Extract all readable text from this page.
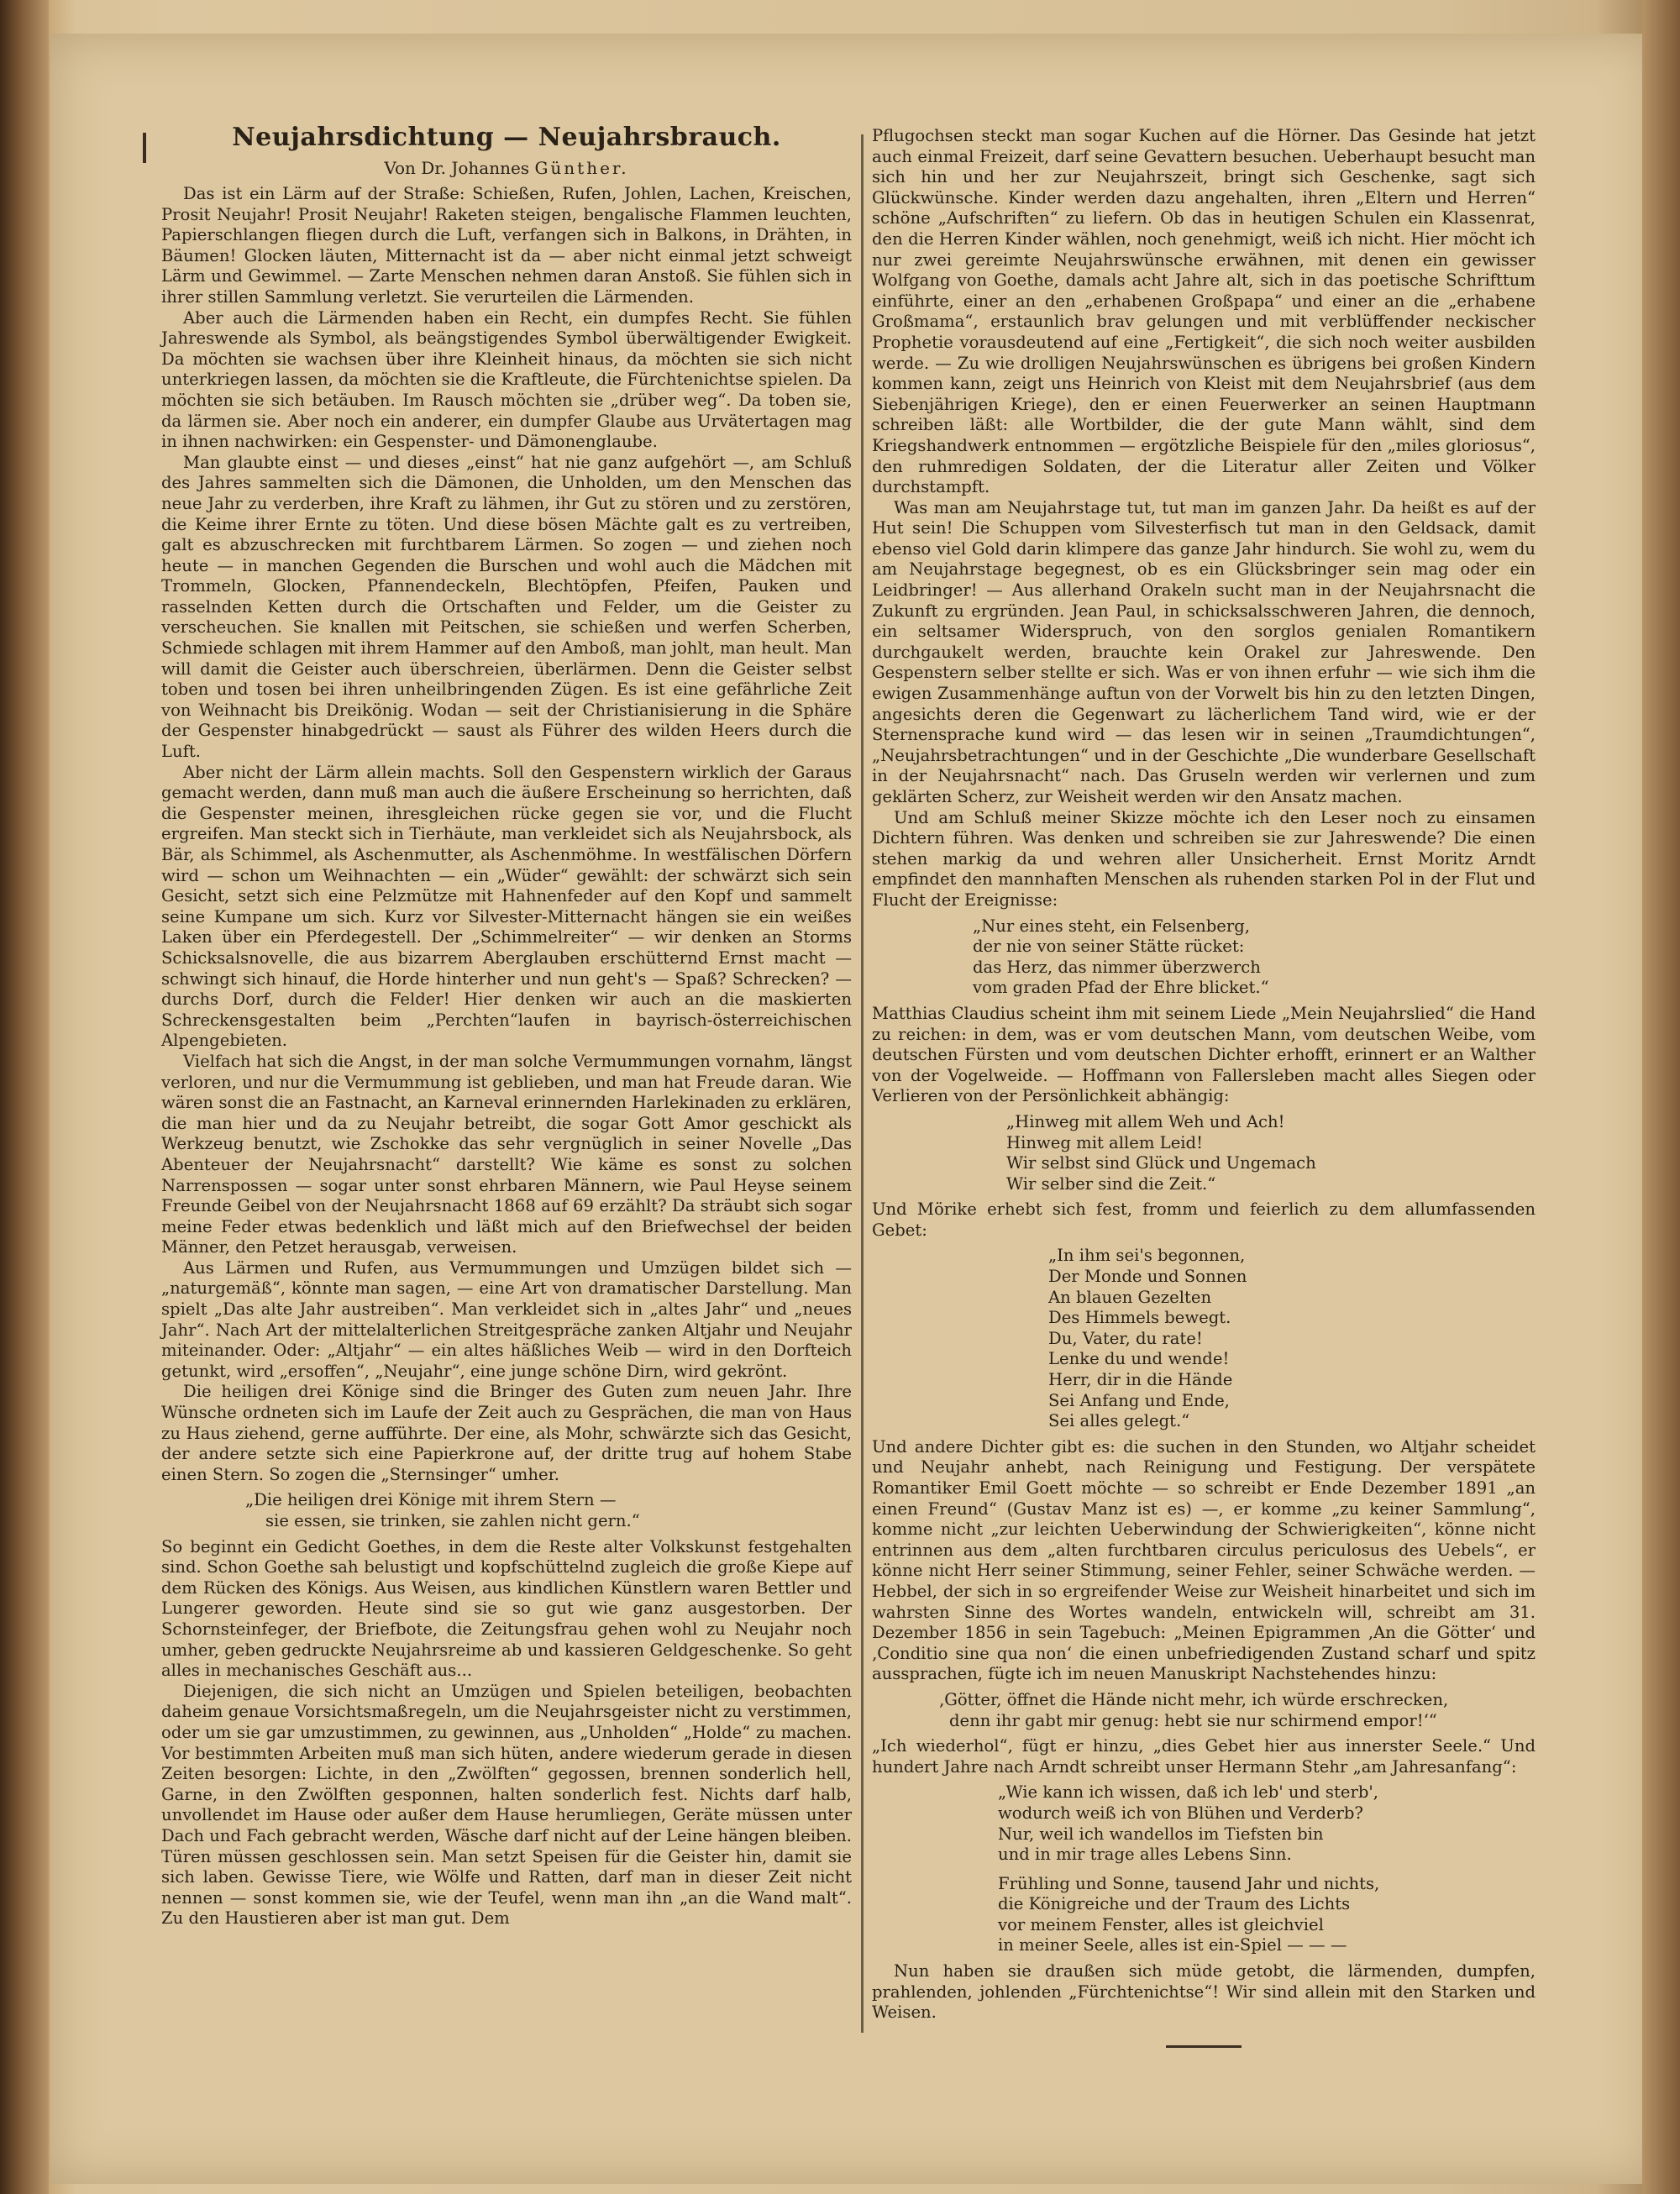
Neujahrsdichtung — Neujahrsbrauch.
Von Dr. Johannes Günther.

Das ist ein Lärm auf der Straße: Schießen, Rufen, Johlen, Lachen, Kreischen, Prosit Neujahr! Prosit Neujahr! Raketen steigen, bengalische Flammen leuchten, Papierschlangen fliegen durch die Luft, verfangen sich in Balkons, in Drähten, in Bäumen! Glocken läuten, Mitternacht ist da — aber nicht einmal jetzt schweigt Lärm und Gewimmel. — Zarte Menschen nehmen daran Anstoß. Sie fühlen sich in ihrer stillen Sammlung verletzt. Sie verurteilen die Lärmenden.

Aber auch die Lärmenden haben ein Recht, ein dumpfes Recht. Sie fühlen Jahreswende als Symbol, als beängstigendes Symbol überwältigender Ewigkeit. Da möchten sie wachsen über ihre Kleinheit hinaus, da möchten sie sich nicht unterkriegen lassen, da möchten sie die Kraftleute, die Fürchtenichtse spielen. Da möchten sie sich betäuben. Im Rausch möchten sie „drüber weg“. Da toben sie, da lärmen sie. Aber noch ein anderer, ein dumpfer Glaube aus Urvätertagen mag in ihnen nachwirken: ein Gespenster- und Dämonenglaube.

Man glaubte einst — und dieses „einst“ hat nie ganz aufgehört —, am Schluß des Jahres sammelten sich die Dämonen, die Unholden, um den Menschen das neue Jahr zu verderben, ihre Kraft zu lähmen, ihr Gut zu stören und zu zerstören, die Keime ihrer Ernte zu töten. Und diese bösen Mächte galt es zu vertreiben, galt es abzuschrecken mit furchtbarem Lärmen. So zogen — und ziehen noch heute — in manchen Gegenden die Burschen und wohl auch die Mädchen mit Trommeln, Glocken, Pfannendeckeln, Blechtöpfen, Pfeifen, Pauken und rasselnden Ketten durch die Ortschaften und Felder, um die Geister zu verscheuchen. Sie knallen mit Peitschen, sie schießen und werfen Scherben, Schmiede schlagen mit ihrem Hammer auf den Amboß, man johlt, man heult. Man will damit die Geister auch überschreien, überlärmen. Denn die Geister selbst toben und tosen bei ihren unheilbringenden Zügen. Es ist eine gefährliche Zeit von Weihnacht bis Dreikönig. Wodan — seit der Christianisierung in die Sphäre der Gespenster hinabgedrückt — saust als Führer des wilden Heers durch die Luft.

Aber nicht der Lärm allein machts. Soll den Gespenstern wirklich der Garaus gemacht werden, dann muß man auch die äußere Erscheinung so herrichten, daß die Gespenster meinen, ihresgleichen rücke gegen sie vor, und die Flucht ergreifen. Man steckt sich in Tierhäute, man verkleidet sich als Neujahrsbock, als Bär, als Schimmel, als Aschenmutter, als Aschenmöhme. In westfälischen Dörfern wird — schon um Weihnachten — ein „Wüder“ gewählt: der schwärzt sich sein Gesicht, setzt sich eine Pelzmütze mit Hahnenfeder auf den Kopf und sammelt seine Kumpane um sich. Kurz vor Silvester-Mitternacht hängen sie ein weißes Laken über ein Pferdegestell. Der „Schimmelreiter“ — wir denken an Storms Schicksalsnovelle, die aus bizarrem Aberglauben erschütternd Ernst macht — schwingt sich hinauf, die Horde hinterher und nun geht's — Spaß? Schrecken? — durchs Dorf, durch die Felder! Hier denken wir auch an die maskierten Schreckensgestalten beim „Perchten“laufen in bayrisch-österreichischen Alpengebieten.

Vielfach hat sich die Angst, in der man solche Vermummungen vornahm, längst verloren, und nur die Vermummung ist geblieben, und man hat Freude daran. Wie wären sonst die an Fastnacht, an Karneval erinnernden Harlekinaden zu erklären, die man hier und da zu Neujahr betreibt, die sogar Gott Amor geschickt als Werkzeug benutzt, wie Zschokke das sehr vergnüglich in seiner Novelle „Das Abenteuer der Neujahrsnacht“ darstellt? Wie käme es sonst zu solchen Narrenspossen — sogar unter sonst ehrbaren Männern, wie Paul Heyse seinem Freunde Geibel von der Neujahrsnacht 1868 auf 69 erzählt? Da sträubt sich sogar meine Feder etwas bedenklich und läßt mich auf den Briefwechsel der beiden Männer, den Petzet herausgab, verweisen.

Aus Lärmen und Rufen, aus Vermummungen und Umzügen bildet sich — „naturgemäß“, könnte man sagen, — eine Art von dramatischer Darstellung. Man spielt „Das alte Jahr austreiben“. Man verkleidet sich in „altes Jahr“ und „neues Jahr“. Nach Art der mittelalterlichen Streitgespräche zanken Altjahr und Neujahr miteinander. Oder: „Altjahr“ — ein altes häßliches Weib — wird in den Dorfteich getunkt, wird „ersoffen“, „Neujahr“, eine junge schöne Dirn, wird gekrönt.

Die heiligen drei Könige sind die Bringer des Guten zum neuen Jahr. Ihre Wünsche ordneten sich im Laufe der Zeit auch zu Gesprächen, die man von Haus zu Haus ziehend, gerne aufführte. Der eine, als Mohr, schwärzte sich das Gesicht, der andere setzte sich eine Papierkrone auf, der dritte trug auf hohem Stabe einen Stern. So zogen die „Sternsinger“ umher.

„Die heiligen drei Könige mit ihrem Stern —
sie essen, sie trinken, sie zahlen nicht gern.“

So beginnt ein Gedicht Goethes, in dem die Reste alter Volkskunst festgehalten sind. Schon Goethe sah belustigt und kopfschüttelnd zugleich die große Kiepe auf dem Rücken des Königs. Aus Weisen, aus kindlichen Künstlern waren Bettler und Lungerer geworden. Heute sind sie so gut wie ganz ausgestorben. Der Schornsteinfeger, der Briefbote, die Zeitungsfrau gehen wohl zu Neujahr noch umher, geben gedruckte Neujahrsreime ab und kassieren Geldgeschenke. So geht alles in mechanisches Geschäft aus...

Diejenigen, die sich nicht an Umzügen und Spielen beteiligen, beobachten daheim genaue Vorsichtsmaßregeln, um die Neujahrsgeister nicht zu verstimmen, oder um sie gar umzustimmen, zu gewinnen, aus „Unholden“ „Holde“ zu machen. Vor bestimmten Arbeiten muß man sich hüten, andere wiederum gerade in diesen Zeiten besorgen: Lichte, in den „Zwölften“ gegossen, brennen sonderlich hell, Garne, in den Zwölften gesponnen, halten sonderlich fest. Nichts darf halb, unvollendet im Hause oder außer dem Hause herumliegen, Geräte müssen unter Dach und Fach gebracht werden, Wäsche darf nicht auf der Leine hängen bleiben. Türen müssen geschlossen sein. Man setzt Speisen für die Geister hin, damit sie sich laben. Gewisse Tiere, wie Wölfe und Ratten, darf man in dieser Zeit nicht nennen — sonst kommen sie, wie der Teufel, wenn man ihn „an die Wand malt“. Zu den Haustieren aber ist man gut. Dem

Pflugochsen steckt man sogar Kuchen auf die Hörner. Das Gesinde hat jetzt auch einmal Freizeit, darf seine Gevattern besuchen. Ueberhaupt besucht man sich hin und her zur Neujahrszeit, bringt sich Geschenke, sagt sich Glückwünsche. Kinder werden dazu angehalten, ihren „Eltern und Herren“ schöne „Aufschriften“ zu liefern. Ob das in heutigen Schulen ein Klassenrat, den die Herren Kinder wählen, noch genehmigt, weiß ich nicht. Hier möcht ich nur zwei gereimte Neujahrswünsche erwähnen, mit denen ein gewisser Wolfgang von Goethe, damals acht Jahre alt, sich in das poetische Schrifttum einführte, einer an den „erhabenen Großpapa“ und einer an die „erhabene Großmama“, erstaunlich brav gelungen und mit verblüffender neckischer Prophetie vorausdeutend auf eine „Fertigkeit“, die sich noch weiter ausbilden werde. — Zu wie drolligen Neujahrswünschen es übrigens bei großen Kindern kommen kann, zeigt uns Heinrich von Kleist mit dem Neujahrsbrief (aus dem Siebenjährigen Kriege), den er einen Feuerwerker an seinen Hauptmann schreiben läßt: alle Wortbilder, die der gute Mann wählt, sind dem Kriegshandwerk entnommen — ergötzliche Beispiele für den „miles gloriosus“, den ruhmredigen Soldaten, der die Literatur aller Zeiten und Völker durchstampft.

Was man am Neujahrstage tut, tut man im ganzen Jahr. Da heißt es auf der Hut sein! Die Schuppen vom Silvesterfisch tut man in den Geldsack, damit ebenso viel Gold darin klimpere das ganze Jahr hindurch. Sie wohl zu, wem du am Neujahrstage begegnest, ob es ein Glücksbringer sein mag oder ein Leidbringer! — Aus allerhand Orakeln sucht man in der Neujahrsnacht die Zukunft zu ergründen. Jean Paul, in schicksalsschweren Jahren, die dennoch, ein seltsamer Widerspruch, von den sorglos genialen Romantikern durchgaukelt werden, brauchte kein Orakel zur Jahreswende. Den Gespenstern selber stellte er sich. Was er von ihnen erfuhr — wie sich ihm die ewigen Zusammenhänge auftun von der Vorwelt bis hin zu den letzten Dingen, angesichts deren die Gegenwart zu lächerlichem Tand wird, wie er der Sternensprache kund wird — das lesen wir in seinen „Traumdichtungen“, „Neujahrsbetrachtungen“ und in der Geschichte „Die wunderbare Gesellschaft in der Neujahrsnacht“ nach. Das Gruseln werden wir verlernen und zum geklärten Scherz, zur Weisheit werden wir den Ansatz machen.

Und am Schluß meiner Skizze möchte ich den Leser noch zu einsamen Dichtern führen. Was denken und schreiben sie zur Jahreswende? Die einen stehen markig da und wehren aller Unsicherheit. Ernst Moritz Arndt empfindet den mannhaften Menschen als ruhenden starken Pol in der Flut und Flucht der Ereignisse:

„Nur eines steht, ein Felsenberg,
der nie von seiner Stätte rücket:
das Herz, das nimmer überzwerch
vom graden Pfad der Ehre blicket.“

Matthias Claudius scheint ihm mit seinem Liede „Mein Neujahrslied“ die Hand zu reichen: in dem, was er vom deutschen Mann, vom deutschen Weibe, vom deutschen Fürsten und vom deutschen Dichter erhofft, erinnert er an Walther von der Vogelweide. — Hoffmann von Fallersleben macht alles Siegen oder Verlieren von der Persönlichkeit abhängig:

„Hinweg mit allem Weh und Ach!
Hinweg mit allem Leid!
Wir selbst sind Glück und Ungemach
Wir selber sind die Zeit.“

Und Mörike erhebt sich fest, fromm und feierlich zu dem allumfassenden Gebet:

„In ihm sei's begonnen,
Der Monde und Sonnen
An blauen Gezelten
Des Himmels bewegt.
Du, Vater, du rate!
Lenke du und wende!
Herr, dir in die Hände
Sei Anfang und Ende,
Sei alles gelegt.“

Und andere Dichter gibt es: die suchen in den Stunden, wo Altjahr scheidet und Neujahr anhebt, nach Reinigung und Festigung. Der verspätete Romantiker Emil Goett möchte — so schreibt er Ende Dezember 1891 „an einen Freund“ (Gustav Manz ist es) —, er komme „zu keiner Sammlung“, komme nicht „zur leichten Ueberwindung der Schwierigkeiten“, könne nicht entrinnen aus dem „alten furchtbaren circulus periculosus des Uebels“, er könne nicht Herr seiner Stimmung, seiner Fehler, seiner Schwäche werden. — Hebbel, der sich in so ergreifender Weise zur Weisheit hinarbeitet und sich im wahrsten Sinne des Wortes wandeln, entwickeln will, schreibt am 31. Dezember 1856 in sein Tagebuch: „Meinen Epigrammen ‚An die Götter‘ und ‚Conditio sine qua non‘ die einen unbefriedigenden Zustand scharf und spitz aussprachen, fügte ich im neuen Manuskript Nachstehendes hinzu:

‚Götter, öffnet die Hände nicht mehr, ich würde erschrecken,
denn ihr gabt mir genug: hebt sie nur schirmend empor!‘“

„Ich wiederhol“, fügt er hinzu, „dies Gebet hier aus innerster Seele.“ Und hundert Jahre nach Arndt schreibt unser Hermann Stehr „am Jahresanfang“:

„Wie kann ich wissen, daß ich leb' und sterb',
wodurch weiß ich von Blühen und Verderb?
Nur, weil ich wandellos im Tiefsten bin
und in mir trage alles Lebens Sinn.
Frühling und Sonne, tausend Jahr und nichts,
die Königreiche und der Traum des Lichts
vor meinem Fenster, alles ist gleichviel
in meiner Seele, alles ist ein-Spiel — — —

Nun haben sie draußen sich müde getobt, die lärmenden, dumpfen, prahlenden, johlenden „Fürchtenichtse“! Wir sind allein mit den Starken und Weisen.
